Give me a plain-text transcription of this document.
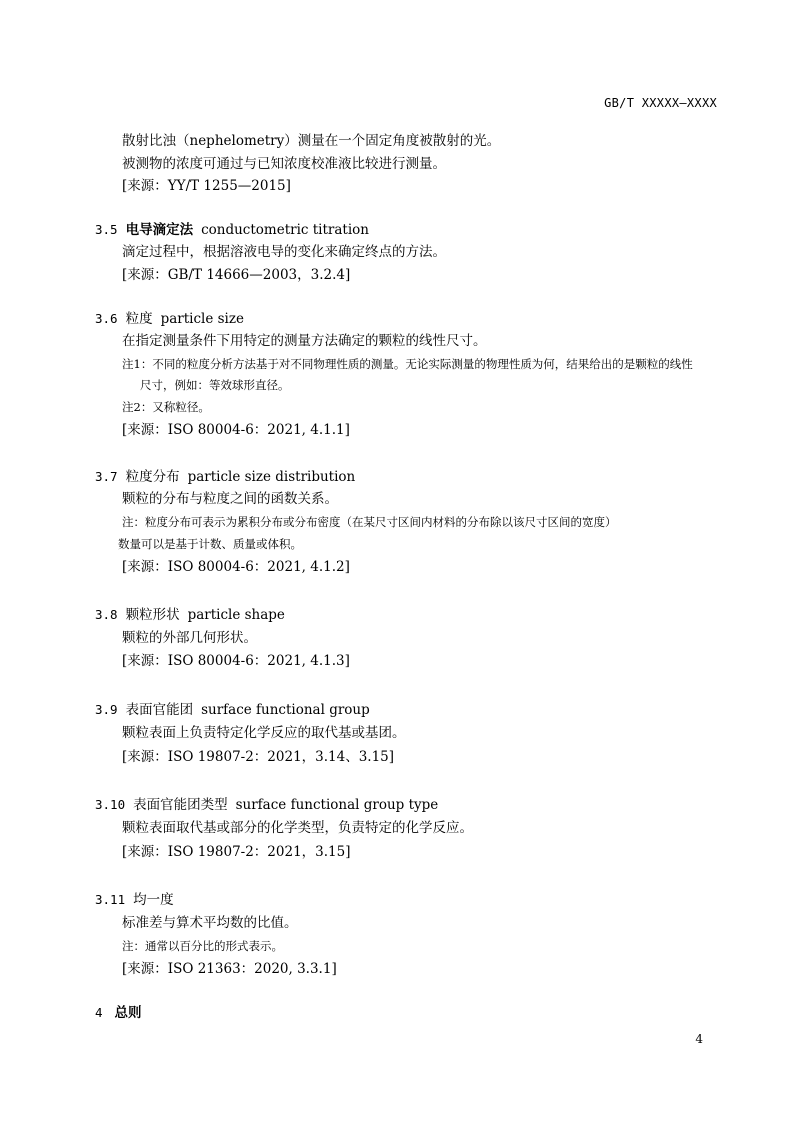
GB/T XXXXX—XXXX
散射比浊（nephelometry）测量在一个固定角度被散射的光。
被测物的浓度可通过与已知浓度校准液比较进行测量。
[来源：YY/T 1255—2015]
3.5 电导滴定法 conductometric titration
滴定过程中，根据溶液电导的变化来确定终点的方法。
[来源：GB/T 14666—2003，3.2.4]
3.6 粒度 particle size
在指定测量条件下用特定的测量方法确定的颗粒的线性尺寸。
注1：不同的粒度分析方法基于对不同物理性质的测量。无论实际测量的物理性质为何，结果给出的是颗粒的线性
尺寸，例如：等效球形直径。
注2：又称粒径。
[来源：ISO 80004-6：2021, 4.1.1]
3.7 粒度分布 particle size distribution
颗粒的分布与粒度之间的函数关系。
注：粒度分布可表示为累积分布或分布密度（在某尺寸区间内材料的分布除以该尺寸区间的宽度）
数量可以是基于计数、质量或体积。
[来源：ISO 80004-6：2021, 4.1.2]
3.8 颗粒形状 particle shape
颗粒的外部几何形状。
[来源：ISO 80004-6：2021, 4.1.3]
3.9 表面官能团 surface functional group
颗粒表面上负责特定化学反应的取代基或基团。
[来源：ISO 19807-2：2021，3.14、3.15]
3.10 表面官能团类型 surface functional group type
颗粒表面取代基或部分的化学类型，负责特定的化学反应。
[来源：ISO 19807-2：2021，3.15]
3.11 均一度
标准差与算术平均数的比值。
注：通常以百分比的形式表示。
[来源：ISO 21363：2020, 3.3.1]
4 总则
4
